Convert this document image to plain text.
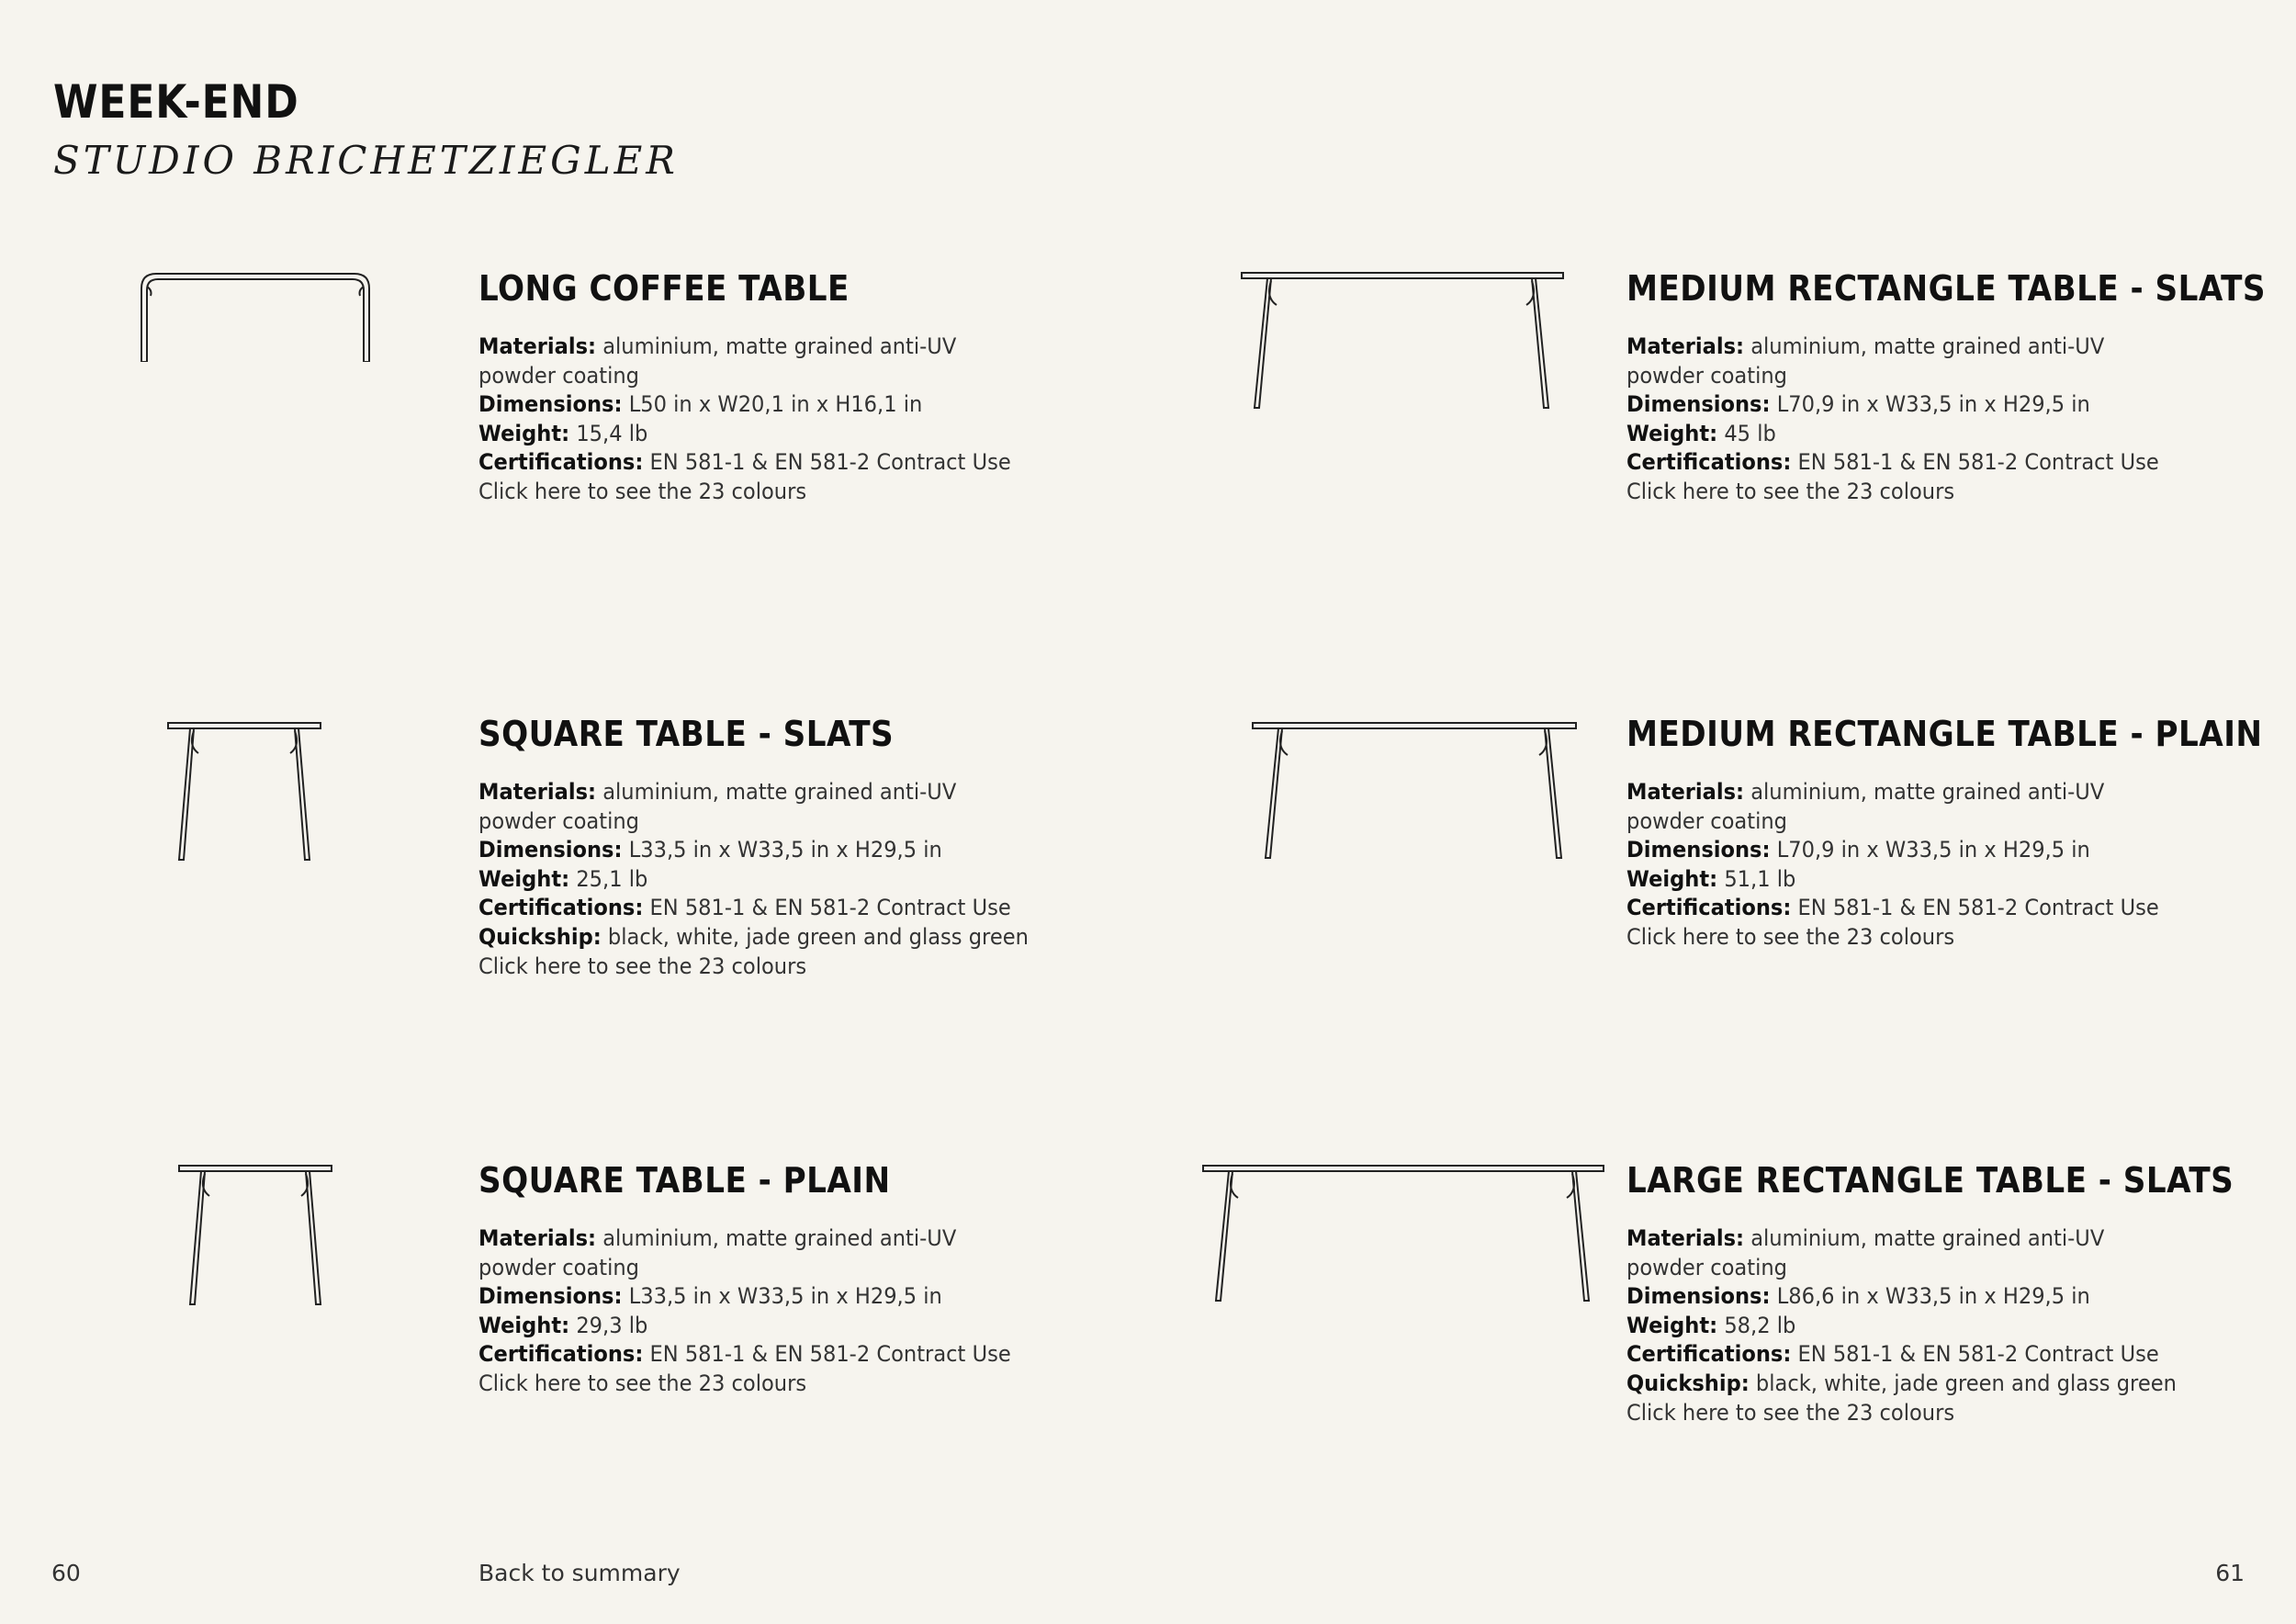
WEEK-END
STUDIO BRICHETZIEGLER
LONG COFFEE TABLE
Materials: aluminium, matte grained anti-UV
powder coating
Dimensions: L50 in x W20,1 in x H16,1 in
Weight: 15,4 lb
Certifications: EN 581-1 & EN 581-2 Contract Use
Click here to see the 23 colours
MEDIUM RECTANGLE TABLE - SLATS
Materials: aluminium, matte grained anti-UV
powder coating
Dimensions: L70,9 in x W33,5 in x H29,5 in
Weight: 45 lb
Certifications: EN 581-1 & EN 581-2 Contract Use
Click here to see the 23 colours
SQUARE TABLE - SLATS
Materials: aluminium, matte grained anti-UV
powder coating
Dimensions: L33,5 in x W33,5 in x H29,5 in
Weight: 25,1 lb
Certifications: EN 581-1 & EN 581-2 Contract Use
Quickship: black, white, jade green and glass green
Click here to see the 23 colours
MEDIUM RECTANGLE TABLE - PLAIN
Materials: aluminium, matte grained anti-UV
powder coating
Dimensions: L70,9 in x W33,5 in x H29,5 in
Weight: 51,1 lb
Certifications: EN 581-1 & EN 581-2 Contract Use
Click here to see the 23 colours
SQUARE TABLE - PLAIN
Materials: aluminium, matte grained anti-UV
powder coating
Dimensions: L33,5 in x W33,5 in x H29,5 in
Weight: 29,3 lb
Certifications: EN 581-1 & EN 581-2 Contract Use
Click here to see the 23 colours
LARGE RECTANGLE TABLE - SLATS
Materials: aluminium, matte grained anti-UV
powder coating
Dimensions: L86,6 in x W33,5 in x H29,5 in
Weight: 58,2 lb
Certifications: EN 581-1 & EN 581-2 Contract Use
Quickship: black, white, jade green and glass green
Click here to see the 23 colours
60	Back to summary	61
